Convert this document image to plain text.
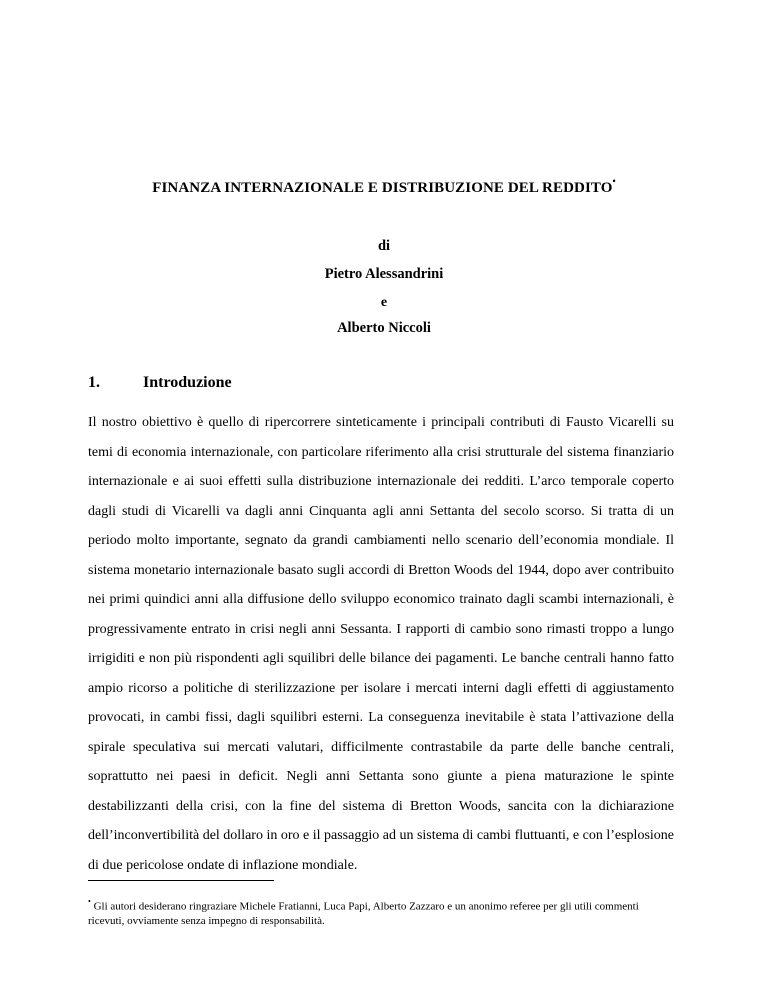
FINANZA INTERNAZIONALE E DISTRIBUZIONE DEL REDDITO•
di
Pietro Alessandrini
e
Alberto Niccoli
1.	Introduzione

Il nostro obiettivo è quello di ripercorrere sinteticamente i principali contributi di Fausto Vicarelli su temi di economia internazionale, con particolare riferimento alla crisi strutturale del sistema finanziario internazionale e ai suoi effetti sulla distribuzione internazionale dei redditi. L’arco temporale coperto dagli studi di Vicarelli va dagli anni Cinquanta agli anni Settanta del secolo scorso. Si tratta di un periodo molto importante, segnato da grandi cambiamenti nello scenario dell’economia mondiale. Il sistema monetario internazionale basato sugli accordi di Bretton Woods del 1944, dopo aver contribuito nei primi quindici anni alla diffusione dello sviluppo economico trainato dagli scambi internazionali, è progressivamente entrato in crisi negli anni Sessanta. I rapporti di cambio sono rimasti troppo a lungo irrigiditi e non più rispondenti agli squilibri delle bilance dei pagamenti. Le banche centrali hanno fatto ampio ricorso a politiche di sterilizzazione per isolare i mercati interni dagli effetti di aggiustamento provocati, in cambi fissi, dagli squilibri esterni. La conseguenza inevitabile è stata l’attivazione della spirale speculativa sui mercati valutari, difficilmente contrastabile da parte delle banche centrali, soprattutto nei paesi in deficit. Negli anni Settanta sono giunte a piena maturazione le spinte destabilizzanti della crisi, con la fine del sistema di Bretton Woods, sancita con la dichiarazione dell’inconvertibilità del dollaro in oro e il passaggio ad un sistema di cambi fluttuanti, e con l’esplosione di due pericolose ondate di inflazione mondiale.

• Gli autori desiderano ringraziare Michele Fratianni, Luca Papi, Alberto Zazzaro e un anonimo referee per gli utili commenti ricevuti, ovviamente senza impegno di responsabilità.
